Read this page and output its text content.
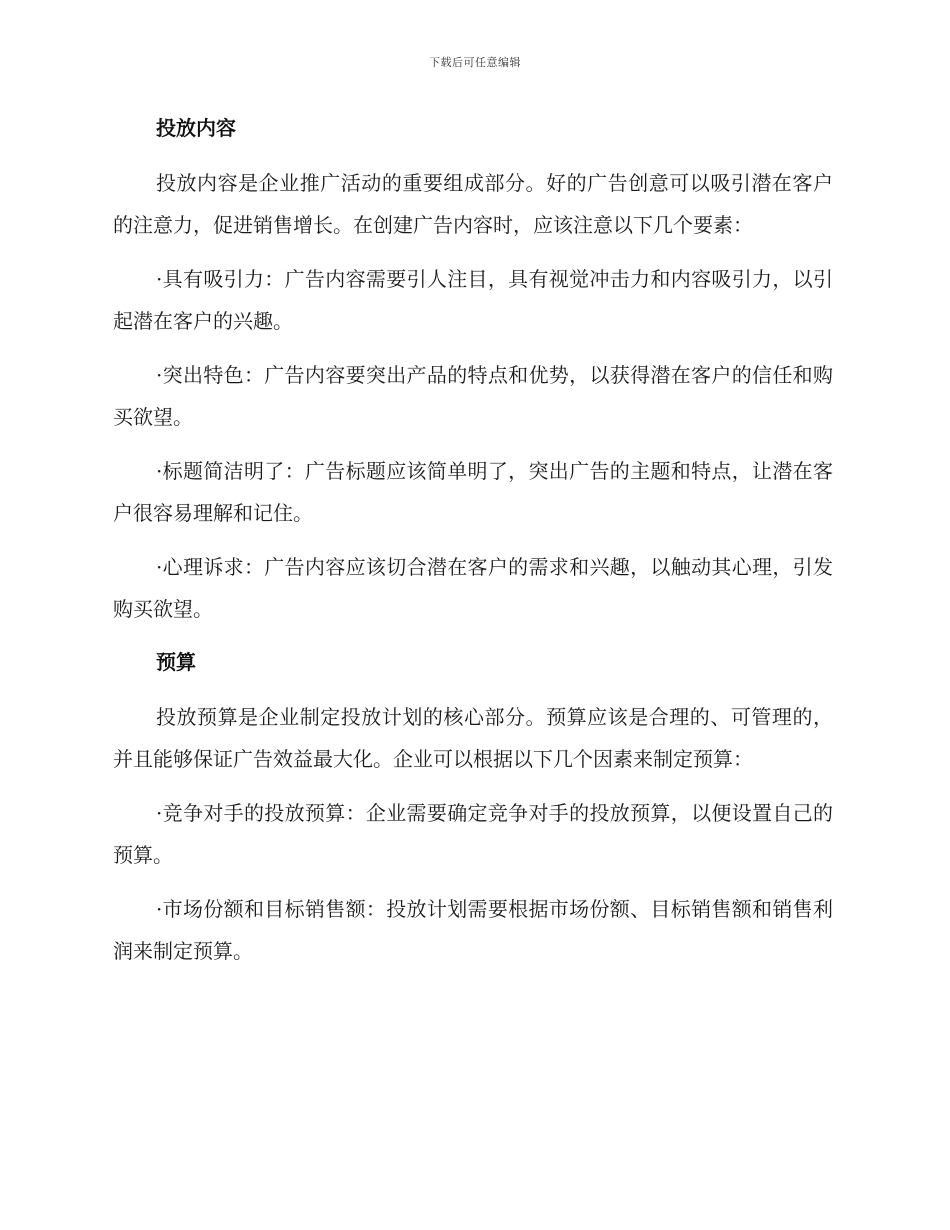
下载后可任意编辑
投放内容

投放内容是企业推广活动的重要组成部分。好的广告创意可以吸引潜在客户的注意力，促进销售增长。在创建广告内容时，应该注意以下几个要素：

·具有吸引力：广告内容需要引人注目，具有视觉冲击力和内容吸引力，以引起潜在客户的兴趣。

·突出特色：广告内容要突出产品的特点和优势，以获得潜在客户的信任和购买欲望。

·标题简洁明了：广告标题应该简单明了，突出广告的主题和特点，让潜在客户很容易理解和记住。

·心理诉求：广告内容应该切合潜在客户的需求和兴趣，以触动其心理，引发购买欲望。

预算

投放预算是企业制定投放计划的核心部分。预算应该是合理的、可管理的，并且能够保证广告效益最大化。企业可以根据以下几个因素来制定预算：

·竞争对手的投放预算：企业需要确定竞争对手的投放预算，以便设置自己的预算。

·市场份额和目标销售额：投放计划需要根据市场份额、目标销售额和销售利润来制定预算。
